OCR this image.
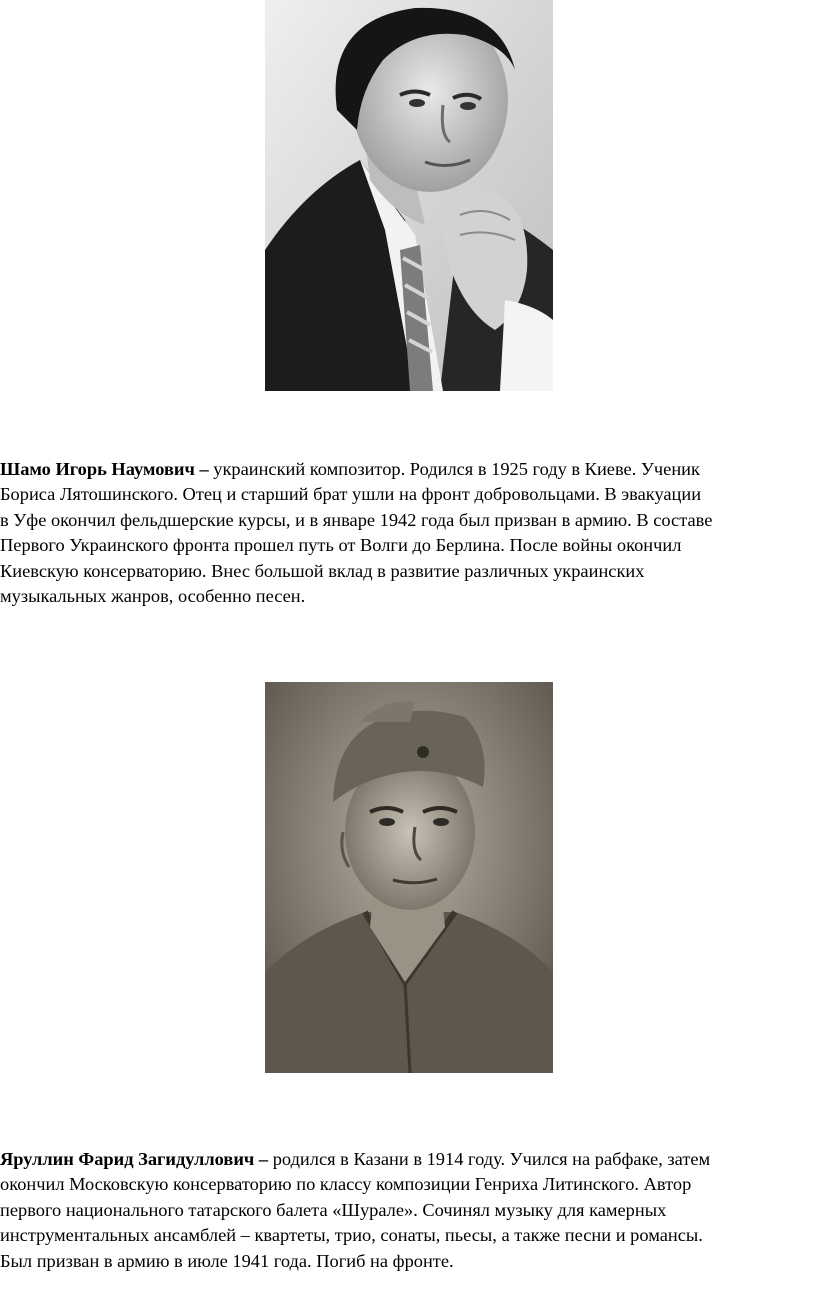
Шамо Игорь Наумович – украинский композитор. Родился в 1925 году в Киеве. Ученик
Бориса Лятошинского. Отец и старший брат ушли на фронт добровольцами. В эвакуации
в Уфе окончил фельдшерские курсы, и в январе 1942 года был призван в армию. В составе
Первого Украинского фронта прошел путь от Волги до Берлина. После войны окончил
Киевскую консерваторию. Внес большой вклад в развитие различных украинских
музыкальных жанров, особенно песен.

Яруллин Фарид Загидуллович – родился в Казани в 1914 году. Учился на рабфаке, затем
окончил Московскую консерваторию по классу композиции Генриха Литинского. Автор
первого национального татарского балета «Шурале». Сочинял музыку для камерных
инструментальных ансамблей – квартеты, трио, сонаты, пьесы, а также песни и романсы.
Был призван в армию в июле 1941 года. Погиб на фронте.
